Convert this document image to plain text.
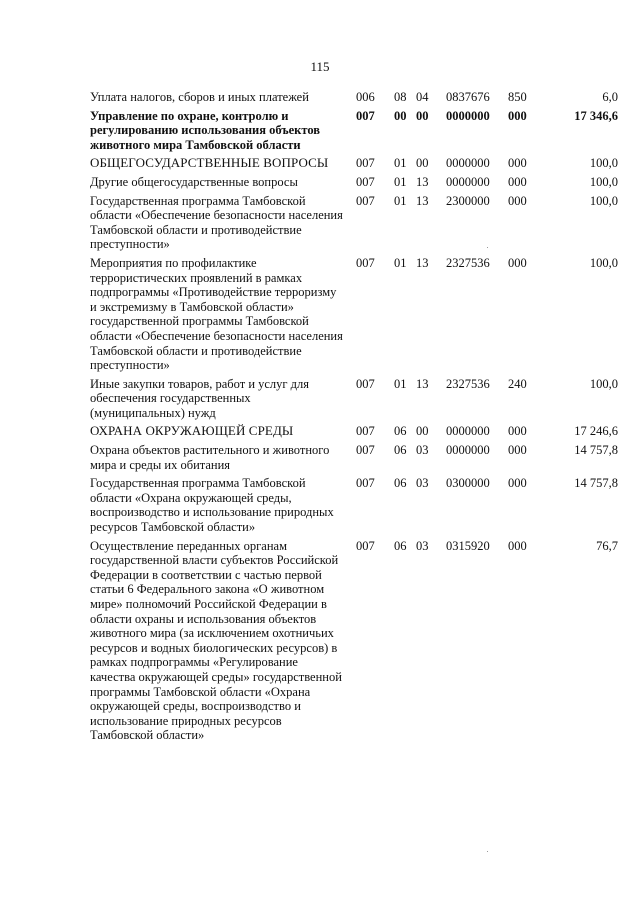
115
Уплата налогов, сборов и иных платежей	006	08	04	0837676	850	6,0
Управление по охране, контролю и регулированию использования объектов животного мира Тамбовской области	007	00	00	0000000	000	17 346,6
ОБЩЕГОСУДАРСТВЕННЫЕ ВОПРОСЫ	007	01	00	0000000	000	100,0
Другие общегосударственные вопросы	007	01	13	0000000	000	100,0
Государственная программа Тамбовской области «Обеспечение безопасности населения Тамбовской области и противодействие преступности»	007	01	13	2300000	000	100,0
Мероприятия по профилактике террористических проявлений в рамках подпрограммы «Противодействие терроризму и экстремизму в Тамбовской области» государственной программы Тамбовской области «Обеспечение безопасности населения Тамбовской области и противодействие преступности»	007	01	13	2327536	000	100,0
Иные закупки товаров, работ и услуг для обеспечения государственных (муниципальных) нужд	007	01	13	2327536	240	100,0
ОХРАНА ОКРУЖАЮЩЕЙ СРЕДЫ	007	06	00	0000000	000	17 246,6
Охрана объектов растительного и животного мира и среды их обитания	007	06	03	0000000	000	14 757,8
Государственная программа Тамбовской области «Охрана окружающей среды, воспроизводство и использование природных ресурсов Тамбовской области»	007	06	03	0300000	000	14 757,8
Осуществление переданных органам государственной власти субъектов Российской Федерации в соответствии с частью первой статьи 6 Федерального закона «О животном мире» полномочий Российской Федерации в области охраны и использования объектов животного мира (за исключением охотничьих ресурсов и водных биологических ресурсов) в рамках подпрограммы «Регулирование качества окружающей среды» государственной программы Тамбовской области «Охрана окружающей среды, воспроизводство и использование природных ресурсов Тамбовской области»	007	06	03	0315920	000	76,7
